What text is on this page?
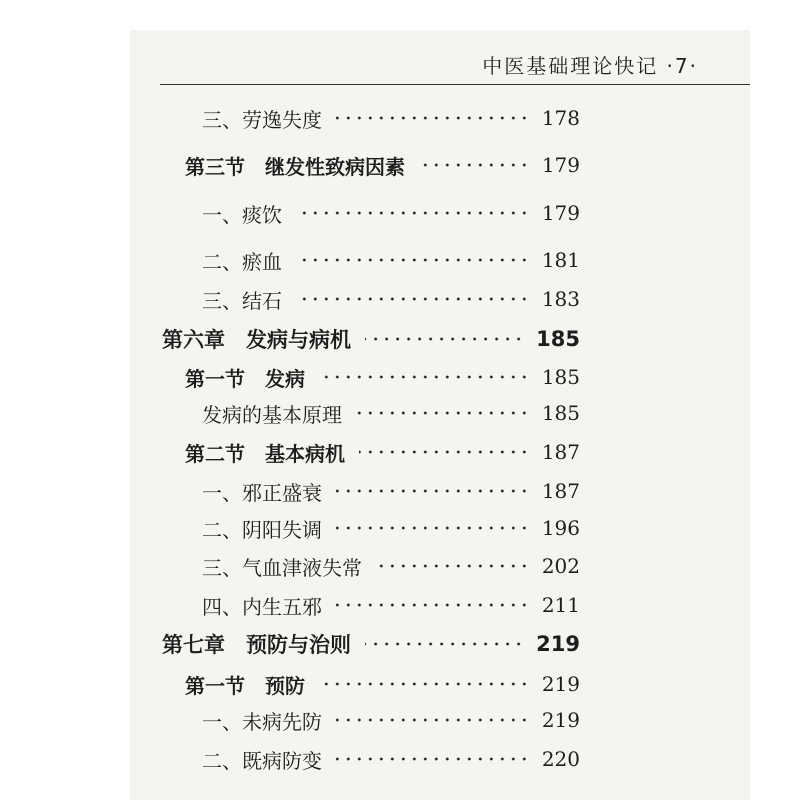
中医基础理论快记 ·7·
三、劳逸失度	178
第三节　继发性致病因素	179
一、痰饮	179
二、瘀血	181
三、结石	183
第六章　发病与病机	185
第一节　发病	185
发病的基本原理	185
第二节　基本病机	187
一、邪正盛衰	187
二、阴阳失调	196
三、气血津液失常	202
四、内生五邪	211
第七章　预防与治则	219
第一节　预防	219
一、未病先防	219
二、既病防变	220
